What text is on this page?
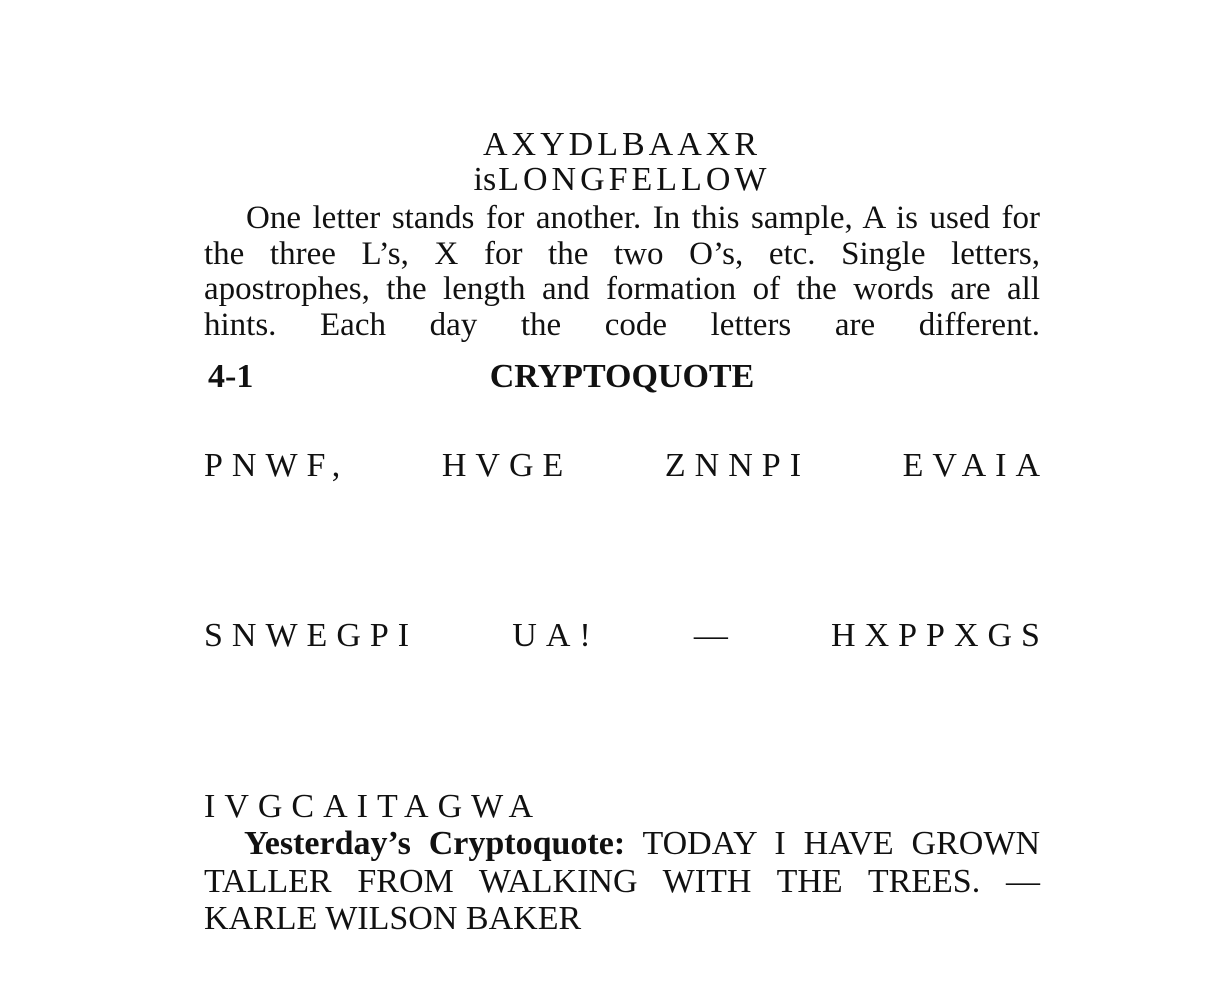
AXYDLBAAXR
isLONGFELLOW

One letter stands for another. In this sample, A is used for the three L’s, X for the two O’s, etc. Single letters, apostrophes, the length and formation of the words are all hints. Each day the code letters are different.

4-1	CRYPTOQUOTE
PNWF,	HVGE	ZNNPI	EVAIA
SNWEGPI	UA!	—	HXPPXGS
IVGCAITAGWA

Yesterday’s Cryptoquote: TODAY I HAVE GROWN TALLER FROM WALKING WITH THE TREES. — KARLE WILSON BAKER
